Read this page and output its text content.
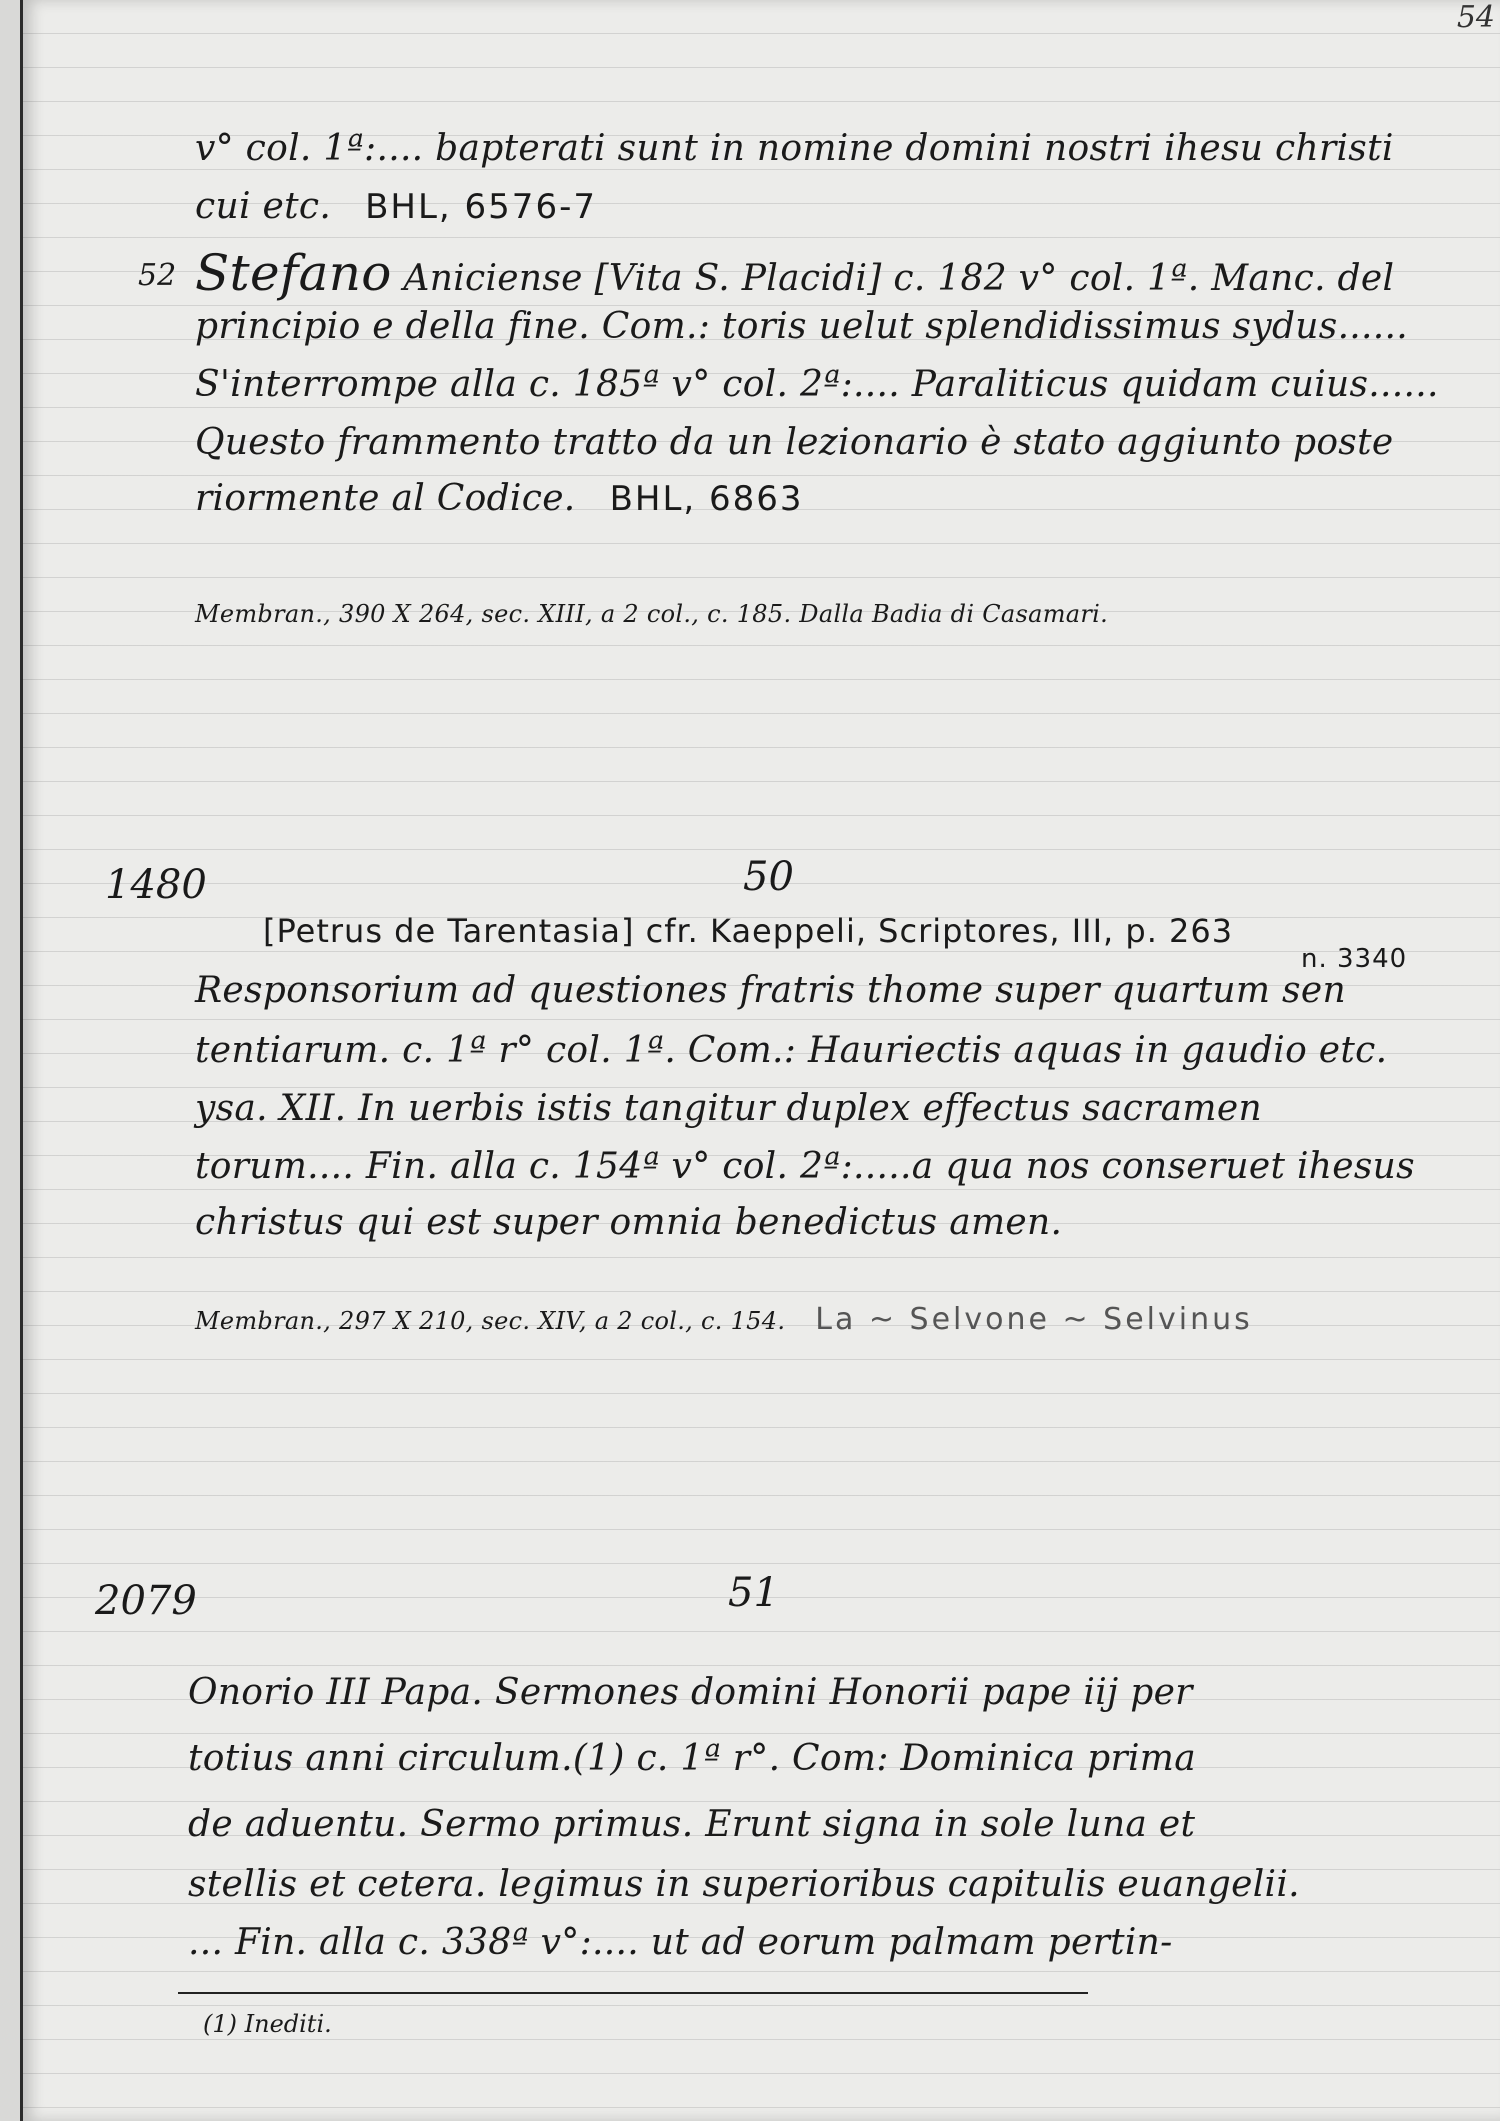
54
v° col. 1ª:.... bapterati sunt in nomine domini nostri ihesu christi
cui etc. BHL, 6576-7
52 Stefano Aniciense [Vita S. Placidi] c. 182 v° col. 1ª. Manc. del
principio e della fine. Com.: toris uelut splendidissimus sydus......
S'interrompe alla c. 185ª v° col. 2ª:.... Paraliticus quidam cuius......
Questo frammento tratto da un lezionario è stato aggiunto poste
riormente al Codice. BHL, 6863
Membran., 390 X 264, sec. XIII, a 2 col., c. 185. Dalla Badia di Casamari.
1480	50
[Petrus de Tarentasia] cfr. Kaeppeli, Scriptores, III, p. 263
n. 3340
Responsorium ad questiones fratris thome super quartum sen
tentiarum. c. 1ª r° col. 1ª. Com.: Hauriectis aquas in gaudio etc.
ysa. XII. In uerbis istis tangitur duplex effectus sacramen
torum.... Fin. alla c. 154ª v° col. 2ª:.....a qua nos conseruet ihesus
christus qui est super omnia benedictus amen.
Membran., 297 X 210, sec. XIV, a 2 col., c. 154. La ~ Selvone ~ Selvinus
2079	51
Onorio III Papa. Sermones domini Honorii pape iij per
totius anni circulum.(1) c. 1ª r°. Com: Dominica prima
de aduentu. Sermo primus. Erunt signa in sole luna et
stellis et cetera. legimus in superioribus capitulis euangelii.
... Fin. alla c. 338ª v°:.... ut ad eorum palmam pertin-
(1) Inediti.
